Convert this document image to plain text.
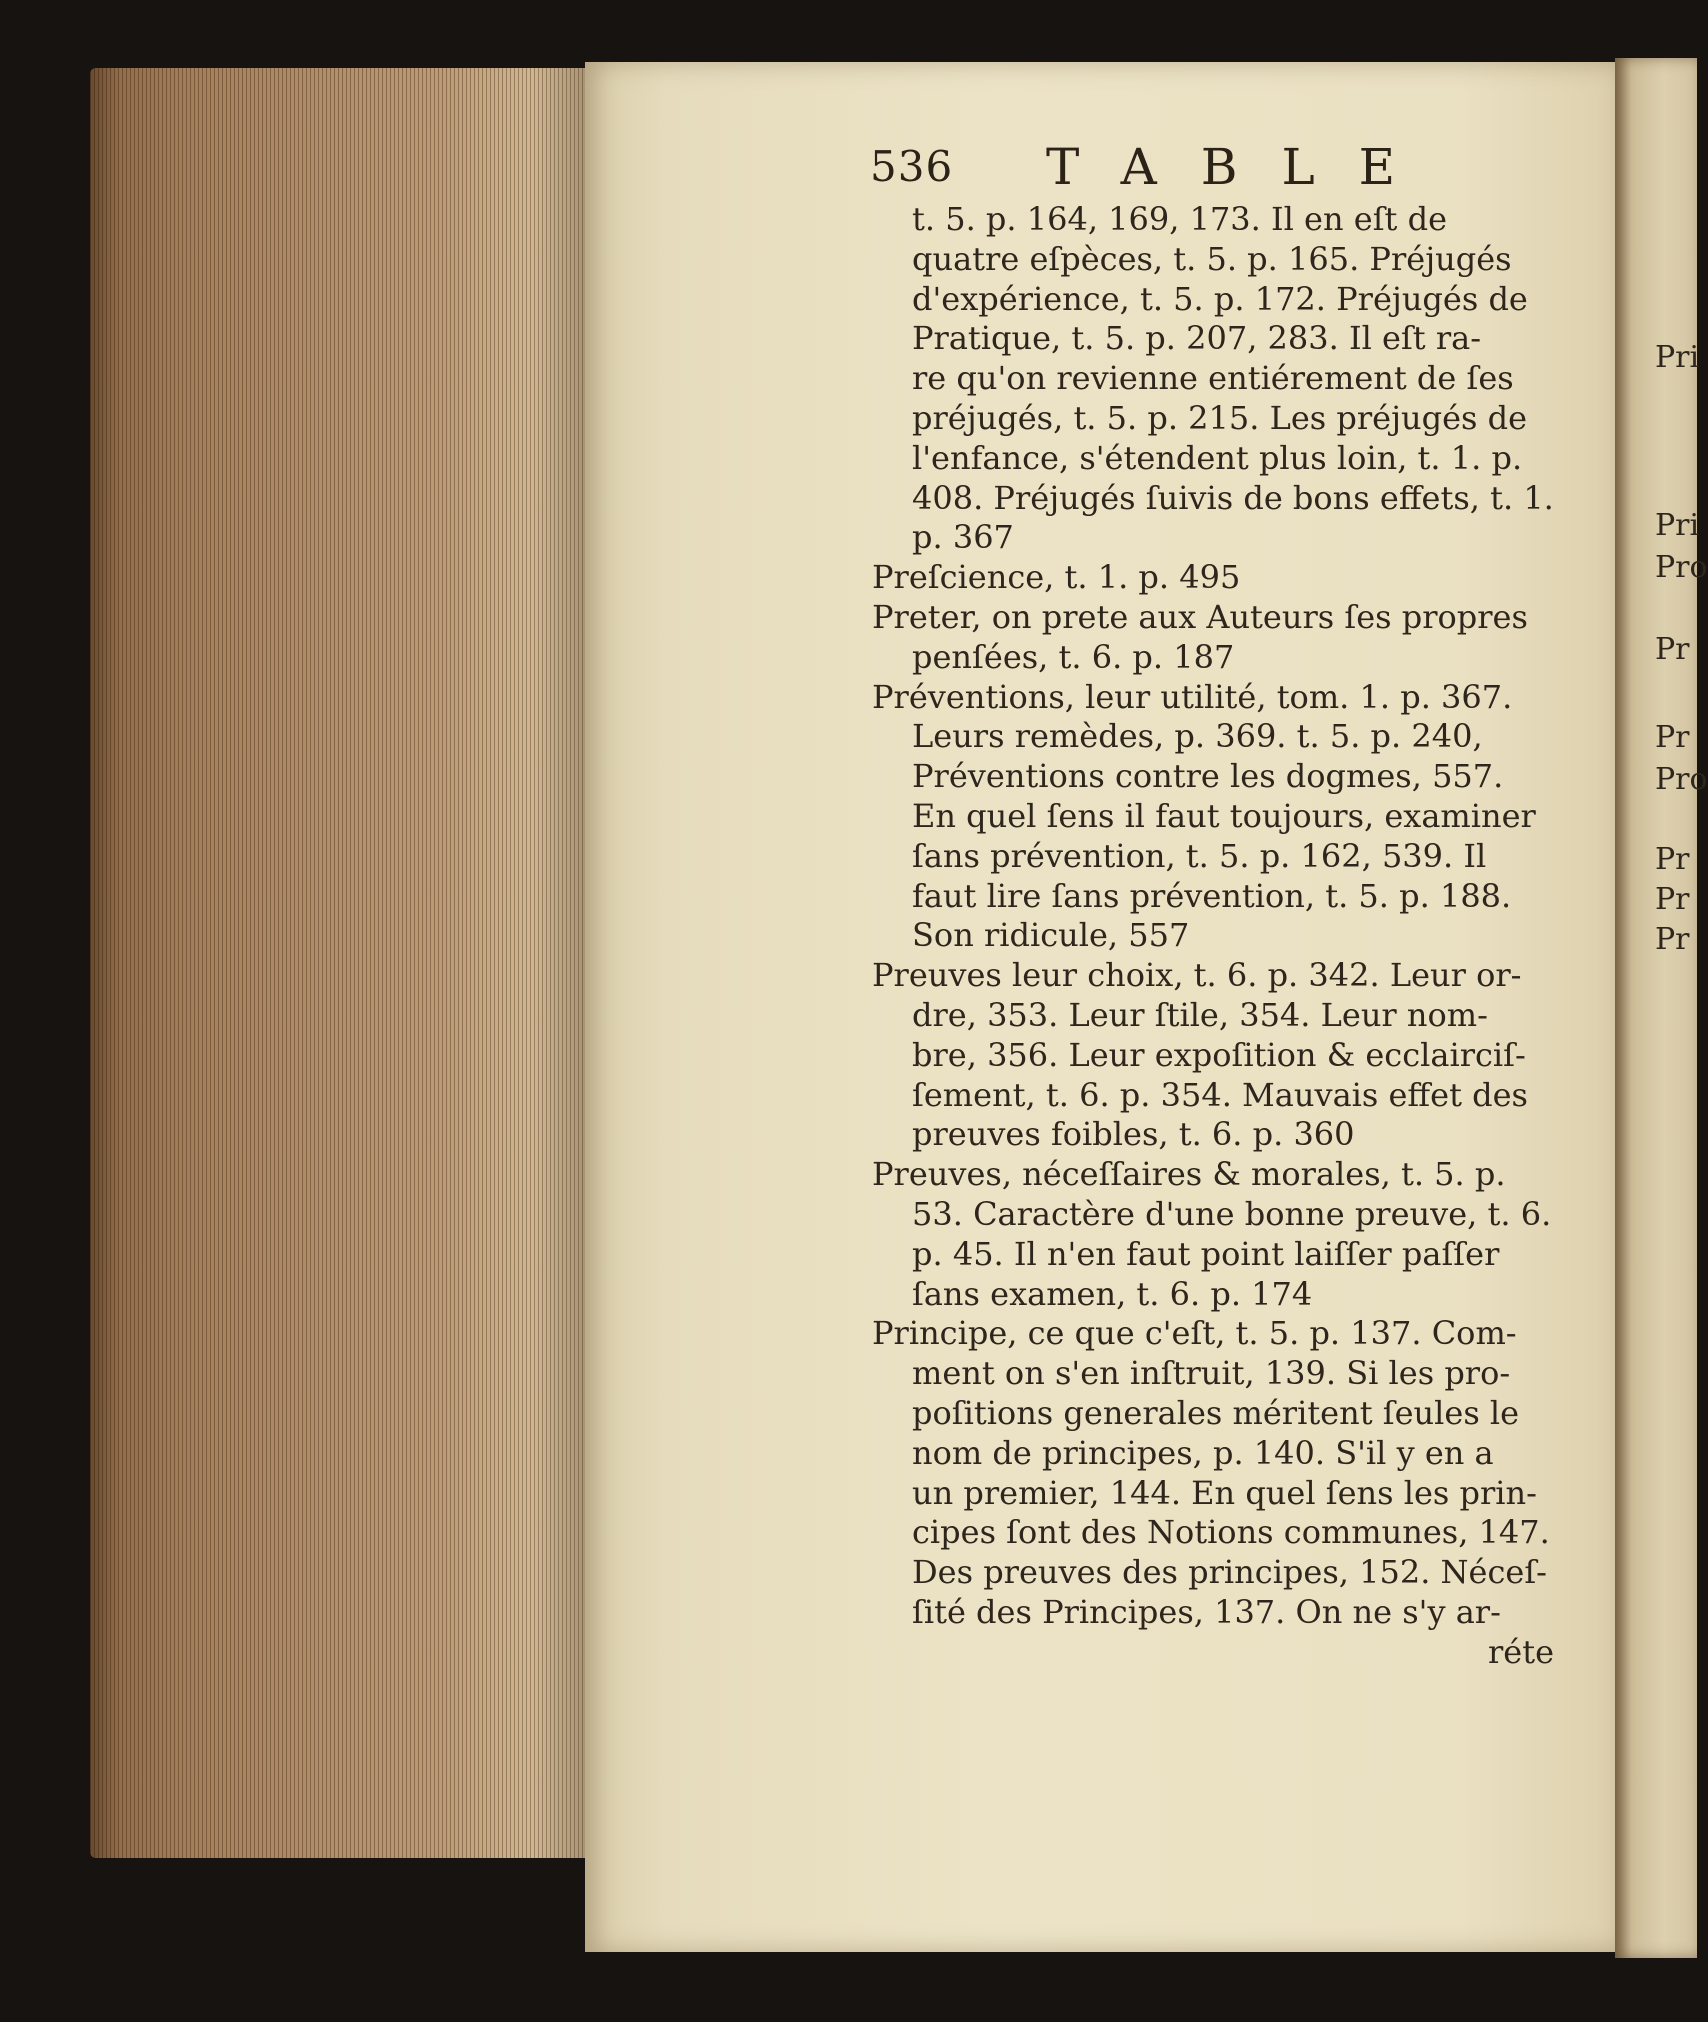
536 TABLE
t. 5. p. 164, 169, 173. Il en eſt de
quatre eſpèces, t. 5. p. 165. Préjugés
d'expérience, t. 5. p. 172. Préjugés de
Pratique, t. 5. p. 207, 283. Il eſt ra-
re qu'on revienne entiérement de ſes
préjugés, t. 5. p. 215. Les préjugés de
l'enfance, s'étendent plus loin, t. 1. p.
408. Préjugés ſuivis de bons effets, t. 1.
p. 367
Preſcience, t. 1. p. 495
Preter, on prete aux Auteurs ſes propres
penſées, t. 6. p. 187
Préventions, leur utilité, tom. 1. p. 367.
Leurs remèdes, p. 369. t. 5. p. 240,
Préventions contre les dogmes, 557.
En quel ſens il faut toujours, examiner
ſans prévention, t. 5. p. 162, 539. Il
faut lire ſans prévention, t. 5. p. 188.
Son ridicule, 557
Preuves leur choix, t. 6. p. 342. Leur or-
dre, 353. Leur ſtile, 354. Leur nom-
bre, 356. Leur expoſition & ecclairciſ-
ſement, t. 6. p. 354. Mauvais effet des
preuves foibles, t. 6. p. 360
Preuves, néceſſaires & morales, t. 5. p.
53. Caractère d'une bonne preuve, t. 6.
p. 45. Il n'en faut point laiſſer paſſer
ſans examen, t. 6. p. 174
Principe, ce que c'eſt, t. 5. p. 137. Com-
ment on s'en inſtruit, 139. Si les pro-
poſitions generales méritent ſeules le
nom de principes, p. 140. S'il y en a
un premier, 144. En quel ſens les prin-
cipes ſont des Notions communes, 147.
Des preuves des principes, 152. Néceſ-
ſité des Principes, 137. On ne s'y ar-
réte
Pri
Pri
Pro
Pr
Pr
Pro
Pr
Pr
Pr
